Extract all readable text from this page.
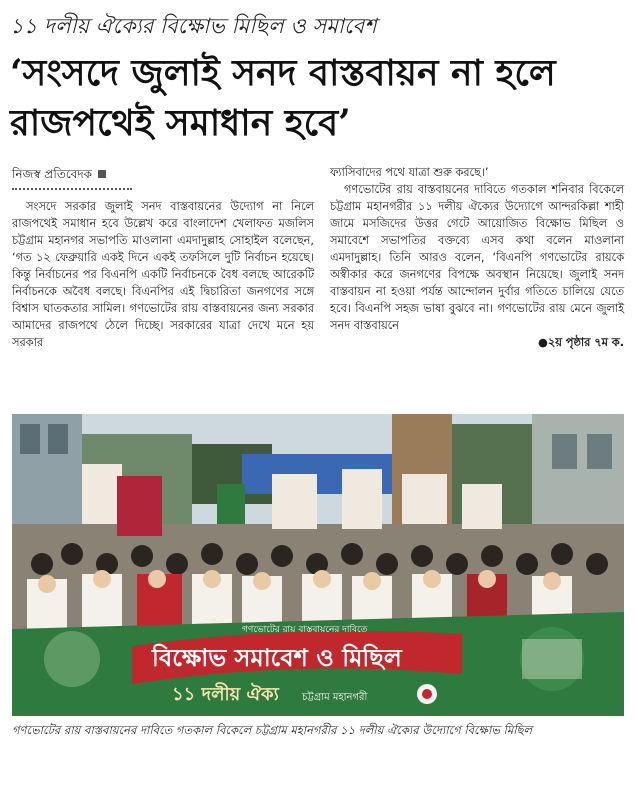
১১ দলীয় ঐক্যের বিক্ষোভ মিছিল ও সমাবেশ
‘সংসদে জুলাই সনদ বাস্তবায়ন না হলে রাজপথেই সমাধান হবে’
নিজস্ব প্রতিবেদক

সংসদে সরকার জুলাই সনদ বাস্তবায়নের উদ্যোগ না নিলে রাজপথেই সমাধান হবে উল্লেখ করে বাংলাদেশ খেলাফত মজলিস চট্টগ্রাম মহানগর সভাপতি মাওলানা এমদাদুল্লাহ সোহাইল বলেছেন, ‘গত ১২ ফেব্রুয়ারি একই দিনে একই তফসিলে দুটি নির্বাচন হয়েছে। কিন্তু নির্বাচনের পর বিএনপি একটি নির্বাচনকে বৈধ বলছে আরেকটি নির্বাচনকে অবৈধ বলছে। বিএনপির এই দ্বিচারিতা জনগণের সঙ্গে বিশ্বাস ঘাতকতার সামিল। গণভোটের রায় বাস্তবায়নের জন্য সরকার আমাদের রাজপথে ঠেলে দিচ্ছে। সরকারের যাত্রা দেখে মনে হয় সরকার

ফ্যাসিবাদের পথে যাত্রা শুরু করছে।’

গণভোটের রায় বাস্তবায়নের দাবিতে গতকাল শনিবার বিকেলে চট্টগ্রাম মহানগরীর ১১ দলীয় ঐক্যের উদ্যোগে আন্দরকিল্লা শাহী জামে মসজিদের উত্তর গেটে আয়োজিত বিক্ষোভ মিছিল ও সমাবেশে সভাপতির বক্তব্যে এসব কথা বলেন মাওলানা এমদাদুল্লাহ। তিনি আরও বলেন, ‘বিএনপি গণভোটের রায়কে অস্বীকার করে জনগণের বিপক্ষে অবস্থান নিয়েছে। জুলাই সনদ বাস্তবায়ন না হওয়া পর্যন্ত আন্দোলন দুর্বার গতিতে চালিয়ে যেতে হবে। বিএনপি সহজ ভাষা বুঝবে না। গণভোটের রায় মেনে জুলাই সনদ বাস্তবায়নে

●২য় পৃষ্ঠার ৭ম ক.
গণভোটের রায় বাস্তবায়নের দাবিতে
বিক্ষোভ সমাবেশ ও মিছিল
১১ দলীয় ঐক্য চট্টগ্রাম মহানগরী
গণভোটের রায় বাস্তবায়নের দাবিতে গতকাল বিকেলে চট্টগ্রাম মহানগরীর ১১ দলীয় ঐক্যের উদ্যোগে বিক্ষোভ মিছিল
